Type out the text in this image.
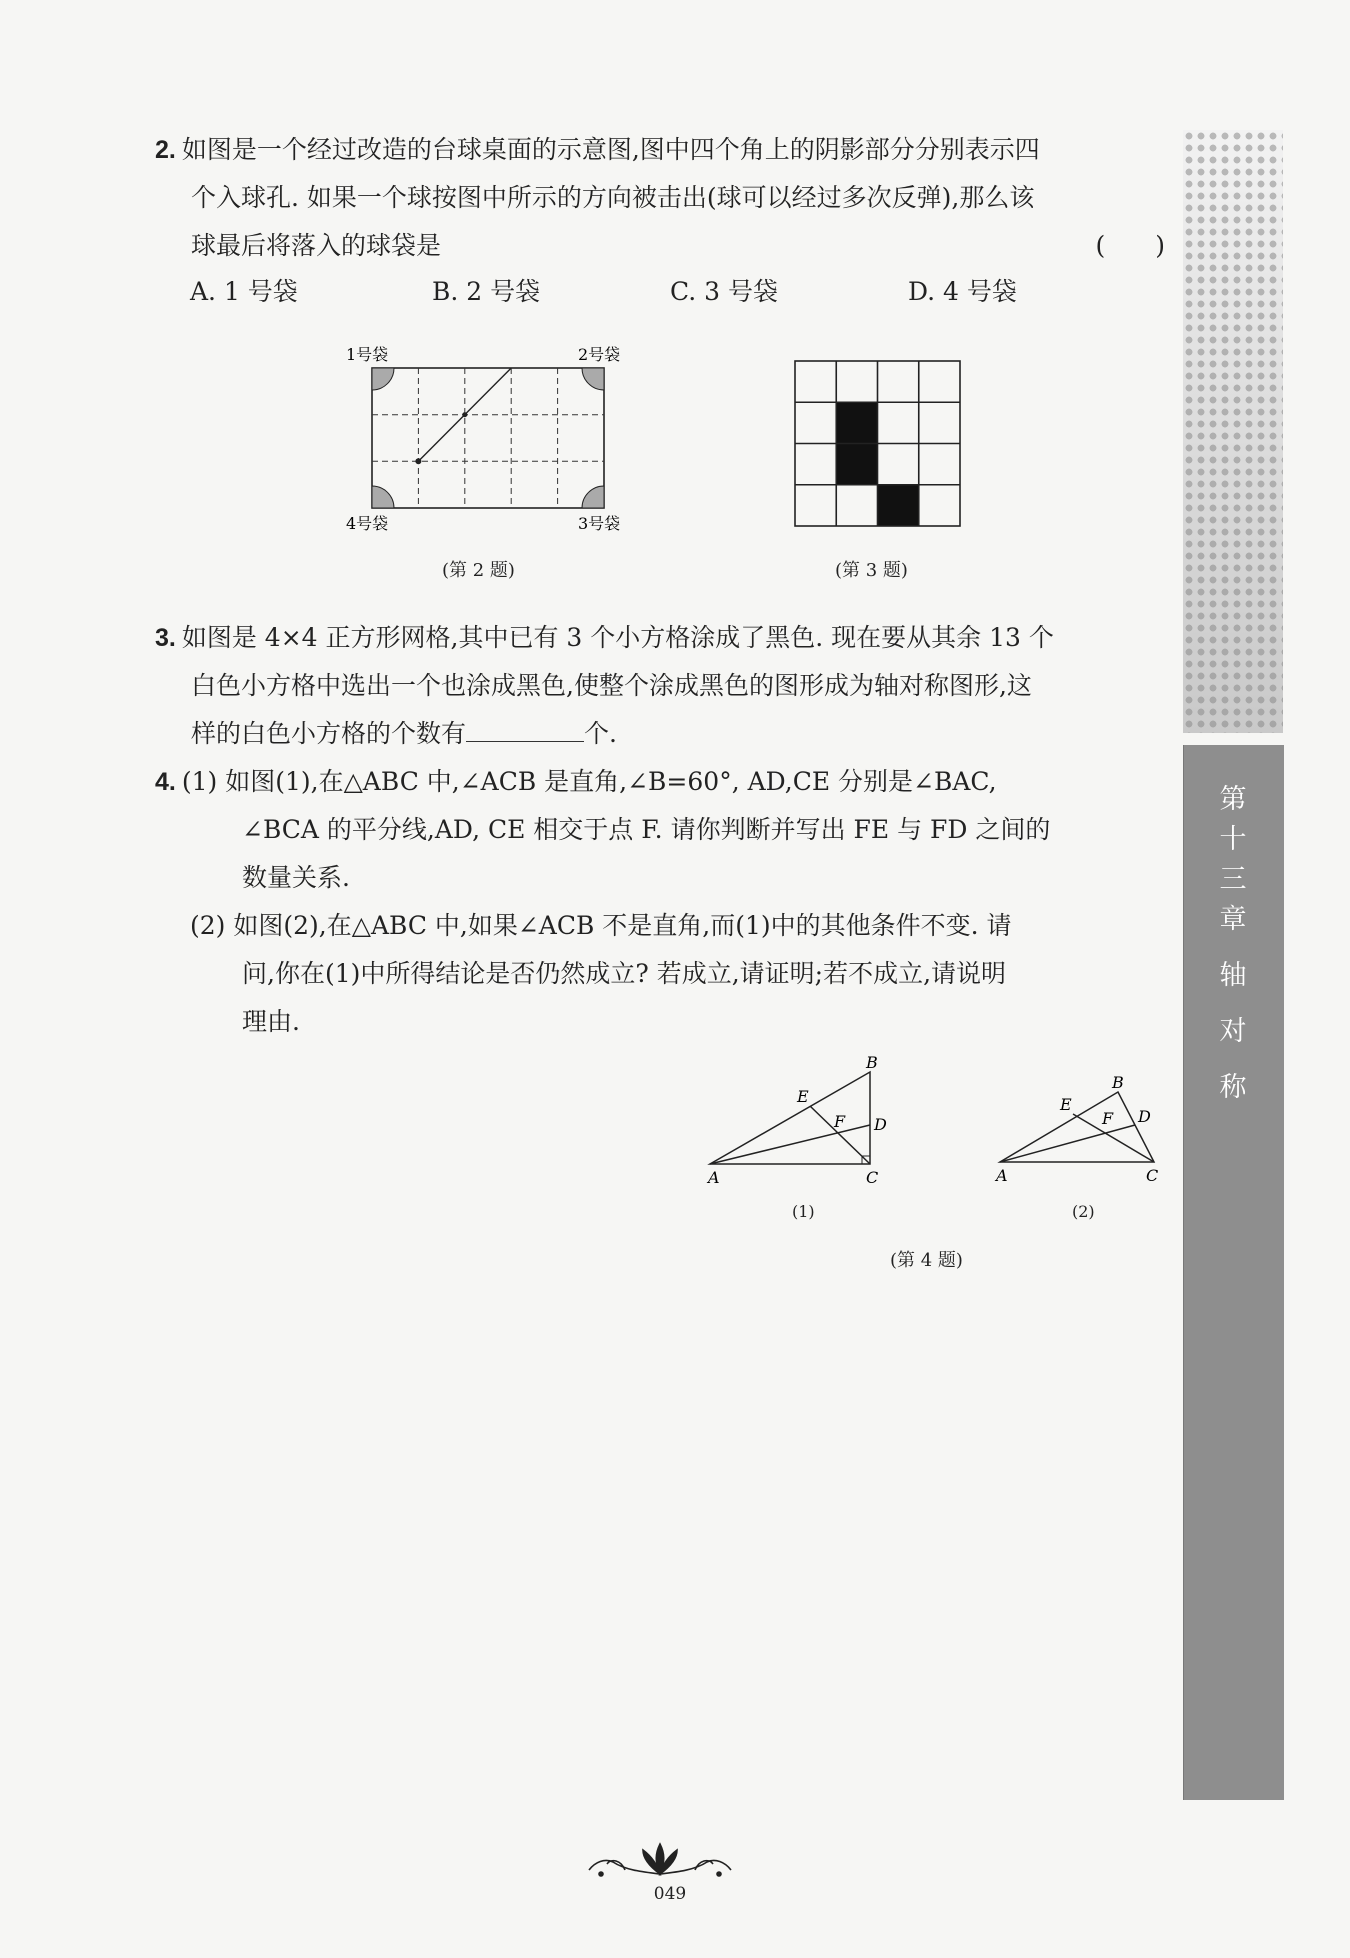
第
十
三
章
轴
对
称
2. 如图是一个经过改造的台球桌面的示意图,图中四个角上的阴影部分分别表示四
个入球孔. 如果一个球按图中所示的方向被击出(球可以经过多次反弹),那么该
球最后将落入的球袋是	(　　)
A. 1 号袋	B. 2 号袋	C. 3 号袋	D. 4 号袋
1号袋	2号袋
4号袋	3号袋
(第 2 题)	(第 3 题)
3. 如图是 4×4 正方形网格,其中已有 3 个小方格涂成了黑色. 现在要从其余 13 个
白色小方格中选出一个也涂成黑色,使整个涂成黑色的图形成为轴对称图形,这
样的白色小方格的个数有	个.
4. (1) 如图(1),在△ABC 中,∠ACB 是直角,∠B=60°, AD,CE 分别是∠BAC,
∠BCA 的平分线,AD, CE 相交于点 F. 请你判断并写出 FE 与 FD 之间的
数量关系.
(2) 如图(2),在△ABC 中,如果∠ACB 不是直角,而(1)中的其他条件不变. 请
问,你在(1)中所得结论是否仍然成立? 若成立,请证明;若不成立,请说明
理由.
A	C
B
D
E
F
(1)
A	C
B
D
E
F
(2)
(第 4 题)
049
